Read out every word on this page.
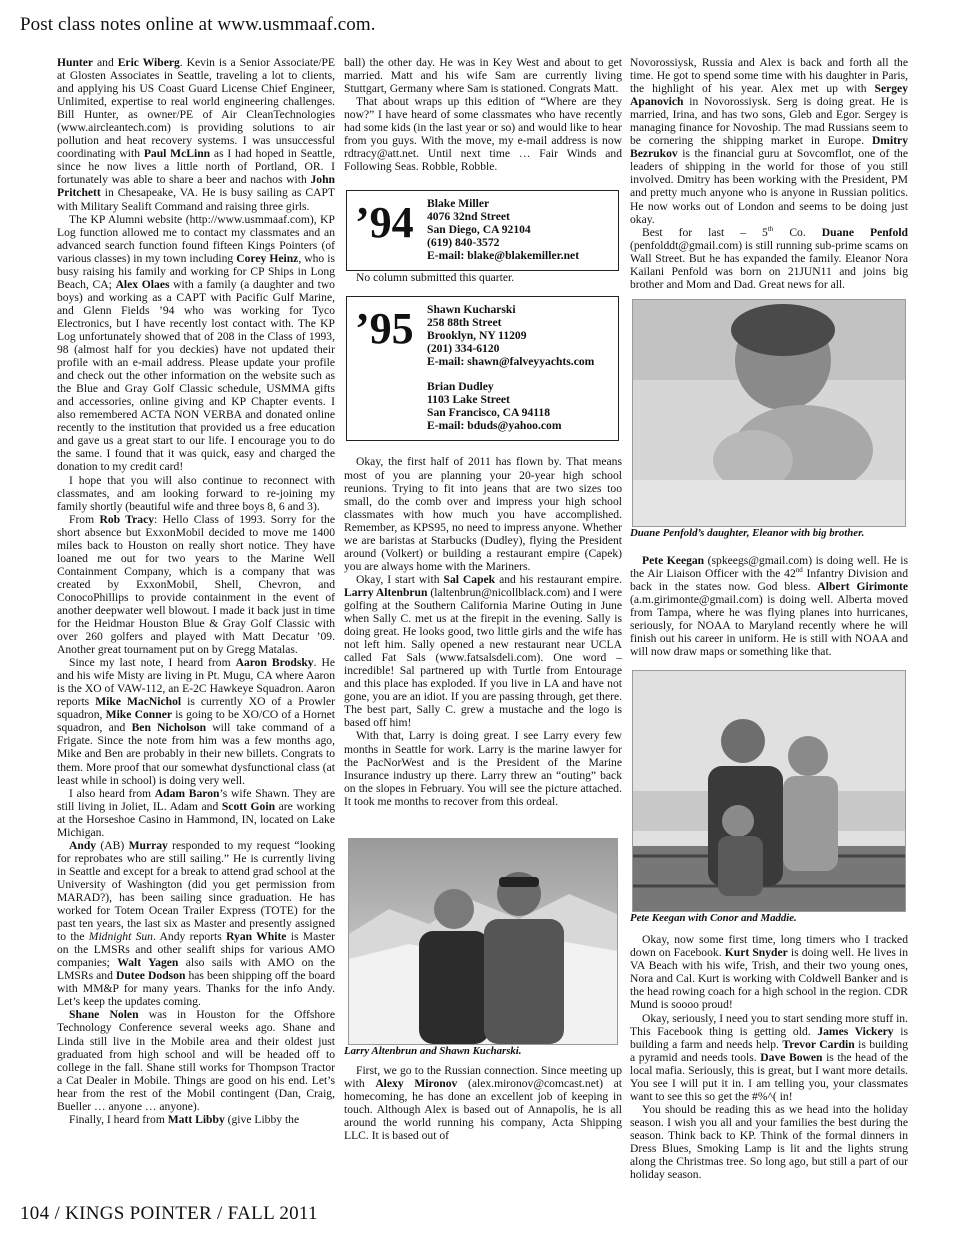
Post class notes online at www.usmmaaf.com.

Hunter and Eric Wiberg. Kevin is a Senior Associate/PE at Glosten Associates in Seattle, traveling a lot to clients, and applying his US Coast Guard License Chief Engineer, Unlimited, expertise to real world engineering challenges. Bill Hunter, as owner/PE of Air CleanTechnologies (www.aircleantech.com) is providing solutions to air pollution and heat recovery systems. I was unsuccessful coordinating with Paul McLinn as I had hoped in Seattle, since he now lives a little north of Portland, OR. I fortunately was able to share a beer and nachos with John Pritchett in Chesapeake, VA. He is busy sailing as CAPT with Military Sealift Command and raising three girls.

The KP Alumni website (http://www.usmmaaf.com), KP Log function allowed me to contact my classmates and an advanced search function found fifteen Kings Pointers (of various classes) in my town including Corey Heinz, who is busy raising his family and working for CP Ships in Long Beach, CA; Alex Olaes with a family (a daughter and two boys) and working as a CAPT with Pacific Gulf Marine, and Glenn Fields ’94 who was working for Tyco Electronics, but I have recently lost contact with. The KP Log unfortunately showed that of 208 in the Class of 1993, 98 (almost half for you deckies) have not updated their profile with an e-mail address. Please update your profile and check out the other information on the website such as the Blue and Gray Golf Classic schedule, USMMA gifts and accessories, online giving and KP Chapter events. I also remembered ACTA NON VERBA and donated online recently to the institution that provided us a free education and gave us a great start to our life. I encourage you to do the same. I found that it was quick, easy and charged the donation to my credit card!

I hope that you will also continue to reconnect with classmates, and am looking forward to re-joining my family shortly (beautiful wife and three boys 8, 6 and 3).

From Rob Tracy: Hello Class of 1993. Sorry for the short absence but ExxonMobil decided to move me 1400 miles back to Houston on really short notice. They have loaned me out for two years to the Marine Well Containment Company, which is a company that was created by ExxonMobil, Shell, Chevron, and ConocoPhillips to provide containment in the event of another deepwater well blowout. I made it back just in time for the Heidmar Houston Blue & Gray Golf Classic with over 260 golfers and played with Matt Decatur ’09. Another great tournament put on by Gregg Matalas.

Since my last note, I heard from Aaron Brodsky. He and his wife Misty are living in Pt. Mugu, CA where Aaron is the XO of VAW-112, an E-2C Hawkeye Squadron. Aaron reports Mike MacNichol is currently XO of a Prowler squadron, Mike Conner is going to be XO/CO of a Hornet squadron, and Ben Nicholson will take command of a Frigate. Since the note from him was a few months ago, Mike and Ben are probably in their new billets. Congrats to them. More proof that our somewhat dysfunctional class (at least while in school) is doing very well.

I also heard from Adam Baron’s wife Shawn. They are still living in Joliet, IL. Adam and Scott Goin are working at the Horseshoe Casino in Hammond, IN, located on Lake Michigan.

Andy (AB) Murray responded to my request “looking for reprobates who are still sailing.” He is currently living in Seattle and except for a break to attend grad school at the University of Washington (did you get permission from MARAD?), has been sailing since graduation. He has worked for Totem Ocean Trailer Express (TOTE) for the past ten years, the last six as Master and presently assigned to the Midnight Sun. Andy reports Ryan White is Master on the LMSRs and other sealift ships for various AMO companies; Walt Yagen also sails with AMO on the LMSRs and Dutee Dodson has been shipping off the board with MM&P for many years. Thanks for the info Andy. Let’s keep the updates coming.

Shane Nolen was in Houston for the Offshore Technology Conference several weeks ago. Shane and Linda still live in the Mobile area and their oldest just graduated from high school and will be headed off to college in the fall. Shane still works for Thompson Tractor a Cat Dealer in Mobile. Things are good on his end. Let’s hear from the rest of the Mobil contingent (Dan, Craig, Bueller … anyone … anyone).

Finally, I heard from Matt Libby (give Libby the

ball) the other day. He was in Key West and about to get married. Matt and his wife Sam are currently living Stuttgart, Germany where Sam is stationed. Congrats Matt.

That about wraps up this edition of “Where are they now?” I have heard of some classmates who have recently had some kids (in the last year or so) and would like to hear from you guys. With the move, my e-mail address is now rdtracy@att.net. Until next time … Fair Winds and Following Seas. Robble, Robble.

’94	Blake Miller
4076 32nd Street
San Diego, CA 92104
(619) 840-3572
E-mail: blake@blakemiller.net

No column submitted this quarter.

’95	Shawn Kucharski
258 88th Street
Brooklyn, NY 11209
(201) 334-6120
E-mail: shawn@falveyyachts.com
Brian Dudley
1103 Lake Street
San Francisco, CA 94118
E-mail: bduds@yahoo.com

Okay, the first half of 2011 has flown by. That means most of you are planning your 20-year high school reunions. Trying to fit into jeans that are two sizes too small, do the comb over and impress your high school classmates with how much you have accomplished. Remember, as KPS95, no need to impress anyone. Whether we are baristas at Starbucks (Dudley), flying the President around (Volkert) or building a restaurant empire (Capek) you are always home with the Mariners.

Okay, I start with Sal Capek and his restaurant empire. Larry Altenbrun (laltenbrun@nicollblack.com) and I were golfing at the Southern California Marine Outing in June when Sally C. met us at the firepit in the evening. Sally is doing great. He looks good, two little girls and the wife has not left him. Sally opened a new restaurant near UCLA called Fat Sals (www.fatsalsdeli.com). One word – incredible! Sal partnered up with Turtle from Entourage and this place has exploded. If you live in LA and have not gone, you are an idiot. If you are passing through, get there. The best part, Sally C. grew a mustache and the logo is based off him!

With that, Larry is doing great. I see Larry every few months in Seattle for work. Larry is the marine lawyer for the PacNorWest and is the President of the Marine Insurance industry up there. Larry threw an “outing” back on the slopes in February. You will see the picture attached. It took me months to recover from this ordeal.

Larry Altenbrun and Shawn Kucharski.

First, we go to the Russian connection. Since meeting up with Alexy Mironov (alex.mironov@comcast.net) at homecoming, he has done an excellent job of keeping in touch. Although Alex is based out of Annapolis, he is all around the world running his company, Acta Shipping LLC. It is based out of

Novorossiysk, Russia and Alex is back and forth all the time. He got to spend some time with his daughter in Paris, the highlight of his year. Alex met up with Sergey Apanovich in Novorossiysk. Serg is doing great. He is married, Irina, and has two sons, Gleb and Egor. Sergey is managing finance for Novoship. The mad Russians seem to be cornering the shipping market in Europe. Dmitry Bezrukov is the financial guru at Sovcomflot, one of the leaders of shipping in the world for those of you still involved. Dmitry has been working with the President, PM and pretty much anyone who is anyone in Russian politics. He now works out of London and seems to be doing just okay.

Best for last – 5th Co. Duane Penfold (penfolddt@gmail.com) is still running sub-prime scams on Wall Street. But he has expanded the family. Eleanor Nora Kailani Penfold was born on 21JUN11 and joins big brother and Mom and Dad. Great news for all.

Duane Penfold’s daughter, Eleanor with big brother.

Pete Keegan (spkeegs@gmail.com) is doing well. He is the Air Liaison Officer with the 42nd Infantry Division and back in the states now. God bless. Albert Girimonte (a.m.girimonte@gmail.com) is doing well. Alberta moved from Tampa, where he was flying planes into hurricanes, seriously, for NOAA to Maryland recently where he will finish out his career in uniform. He is still with NOAA and will now draw maps or something like that.

Pete Keegan with Conor and Maddie.

Okay, now some first time, long timers who I tracked down on Facebook. Kurt Snyder is doing well. He lives in VA Beach with his wife, Trish, and their two young ones, Nora and Cal. Kurt is working with Coldwell Banker and is the head rowing coach for a high school in the region. CDR Mund is soooo proud!

Okay, seriously, I need you to start sending more stuff in. This Facebook thing is getting old. James Vickery is building a farm and needs help. Trevor Cardin is building a pyramid and needs tools. Dave Bowen is the head of the local mafia. Seriously, this is great, but I want more details. You see I will put it in. I am telling you, your classmates want to see this so get the #%^( in!

You should be reading this as we head into the holiday season. I wish you all and your families the best during the season. Think back to KP. Think of the formal dinners in Dress Blues, Smoking Lamp is lit and the lights strung along the Christmas tree. So long ago, but still a part of our holiday season.

104 / KINGS POINTER / FALL 2011
